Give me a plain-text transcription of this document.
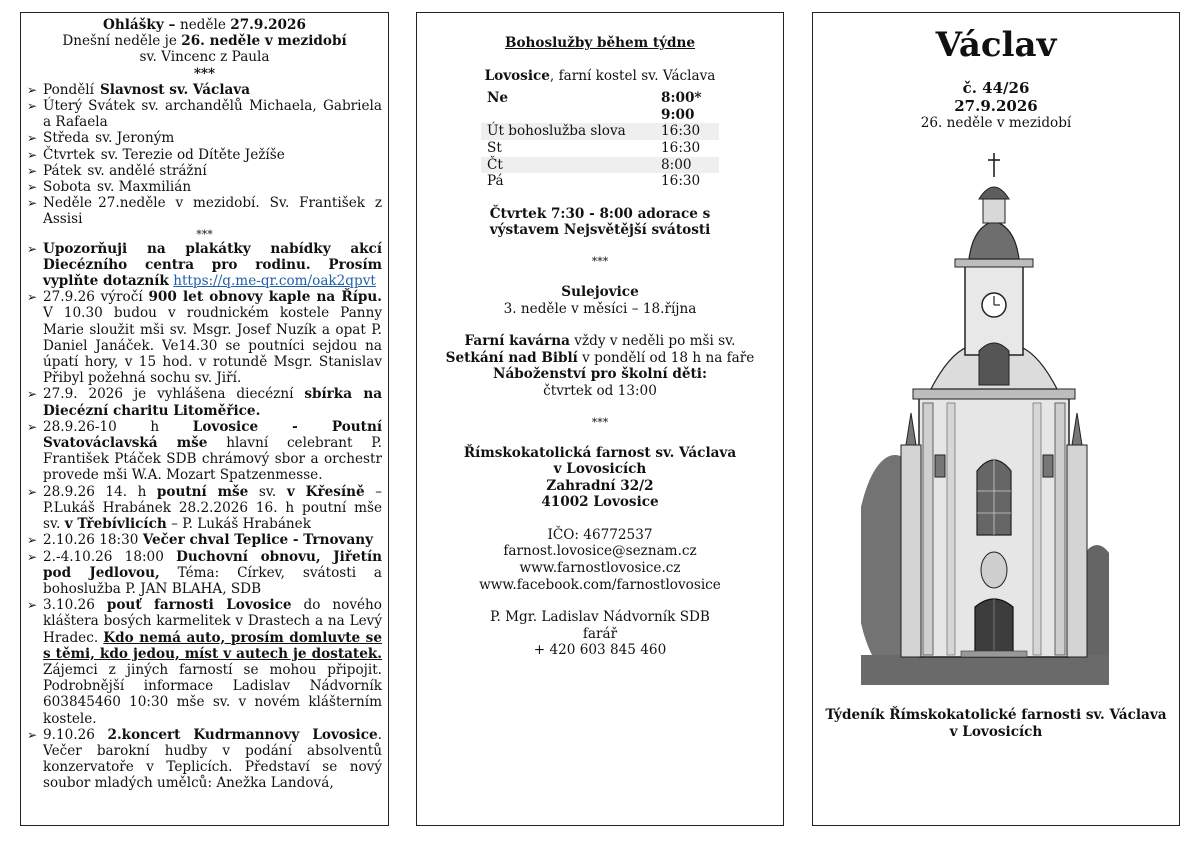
Ohlášky – neděle 27.9.2026
Dnešní neděle je 26. neděle v mezidobí
sv. Vincenc z Paula
***
➢ Pondělí Slavnost sv. Václava
➢ Úterý Svátek sv. archandělů Michaela, Gabriela a Rafaela
➢ Středa sv. Jeroným
➢ Čtvrtek sv. Terezie od Dítěte Ježíše
➢ Pátek sv. andělé strážní
➢ Sobota sv. Maxmilián
➢ Neděle 27.neděle v mezidobí. Sv. František z Assisi
***
➢ Upozorňuji na plakátky nabídky akcí Diecézního centra pro rodinu. Prosím vyplňte dotazník https://q.me-qr.com/oak2qpvt
➢ 27.9.26 výročí 900 let obnovy kaple na Řípu. V 10.30 budou v roudnickém kostele Panny Marie sloužit mši sv. Msgr. Josef Nuzík a opat P. Daniel Janáček. Ve14.30 se poutníci sejdou na úpatí hory, v 15 hod. v rotundě Msgr. Stanislav Přibyl požehná sochu sv. Jiří.
➢ 27.9. 2026 je vyhlášena diecézní sbírka na Diecézní charitu Litoměřice.
➢ 28.9.26-10 h Lovosice - Poutní Svatováclavská mše hlavní celebrant P. František Ptáček SDB chrámový sbor a orchestr provede mši W.A. Mozart Spatzenmesse.
➢ 28.9.26 14. h poutní mše sv. v Křesíně – P.Lukáš Hrabánek 28.2.2026 16. h poutní mše sv. v Třebívlicích – P. Lukáš Hrabánek
➢ 2.10.26 18:30 Večer chval Teplice - Trnovany
➢ 2.-4.10.26 18:00 Duchovní obnovu, Jiřetín pod Jedlovou, Téma: Církev, svátosti a bohoslužba P. JAN BLAHA, SDB
➢ 3.10.26 pouť farnosti Lovosice do nového kláštera bosých karmelitek v Drastech a na Levý Hradec. Kdo nemá auto, prosím domluvte se s těmi, kdo jedou, míst v autech je dostatek. Zájemci z jiných farností se mohou připojit. Podrobnější informace Ladislav Nádvorník 603845460 10:30 mše sv. v novém klášterním kostele.
➢ 9.10.26 2.koncert Kudrmannovy Lovosice. Večer barokní hudby v podání absolventů konzervatoře v Teplicích. Představí se nový soubor mladých umělců: Anežka Landová,
Bohoslužby během týdne
Lovosice, farní kostel sv. Václava
Ne	8:00* 9:00
Út bohoslužba slova	16:30
St	16:30
Čt	8:00
Pá	16:30
Čtvrtek 7:30 - 8:00 adorace s výstavem Nejsvětější svátosti
***
Sulejovice
3. neděle v měsíci – 18.října
Farní kavárna vždy v neděli po mši sv.
Setkání nad Biblí v pondělí od 18 h na faře
Náboženství pro školní děti:
čtvrtek od 13:00
***
Římskokatolická farnost sv. Václava
v Lovosicích
Zahradní 32/2
41002 Lovosice
IČO: 46772537
farnost.lovosice@seznam.cz
www.farnostlovosice.cz
www.facebook.com/farnostlovosice
P. Mgr. Ladislav Nádvorník SDB
farář
+ 420 603 845 460
Václav
č. 44/26
27.9.2026
26. neděle v mezidobí
Týdeník Římskokatolické farnosti sv. Václava
v Lovosicích
